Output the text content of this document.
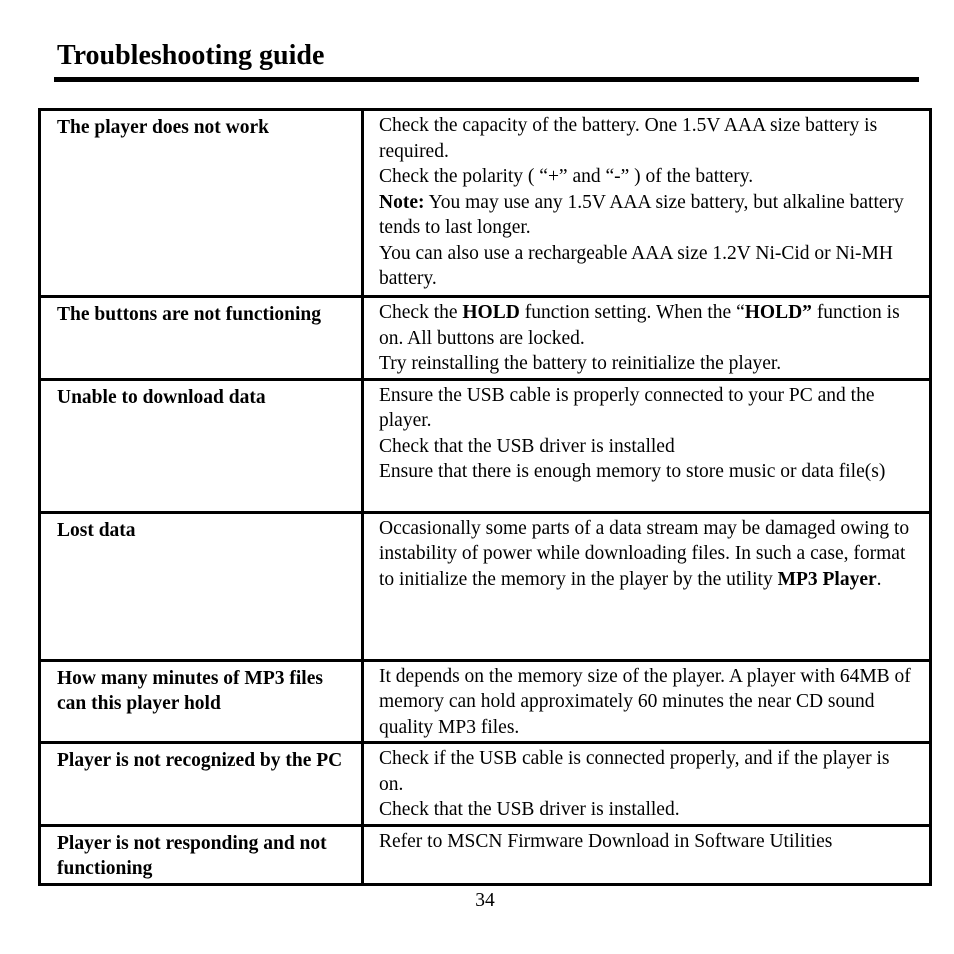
Troubleshooting guide
The player does not work	Check the capacity of the battery. One 1.5V AAA size battery is required.
Check the polarity ( “+” and “-” ) of the battery.
Note: You may use any 1.5V AAA size battery, but alkaline battery tends to last longer.
You can also use a rechargeable AAA size 1.2V Ni-Cid or Ni-MH battery.

The buttons are not functioning	Check the HOLD function setting. When the “HOLD” function is on. All buttons are locked.
Try reinstalling the battery to reinitialize the player.

Unable to download data	Ensure the USB cable is properly connected to your PC and the player.
Check that the USB driver is installed
Ensure that there is enough memory to store music or data file(s)

Lost data	Occasionally some parts of a data stream may be damaged owing to instability of power while downloading files. In such a case, format to initialize the memory in the player by the utility MP3 Player.

How many minutes of MP3 files can this player hold	It depends on the memory size of the player. A player with 64MB of memory can hold approximately 60 minutes the near CD sound quality MP3 files.

Player is not recognized by the PC	Check if the USB cable is connected properly, and if the player is on.
Check that the USB driver is installed.

Player is not responding and not functioning	Refer to MSCN Firmware Download in Software Utilities
34
